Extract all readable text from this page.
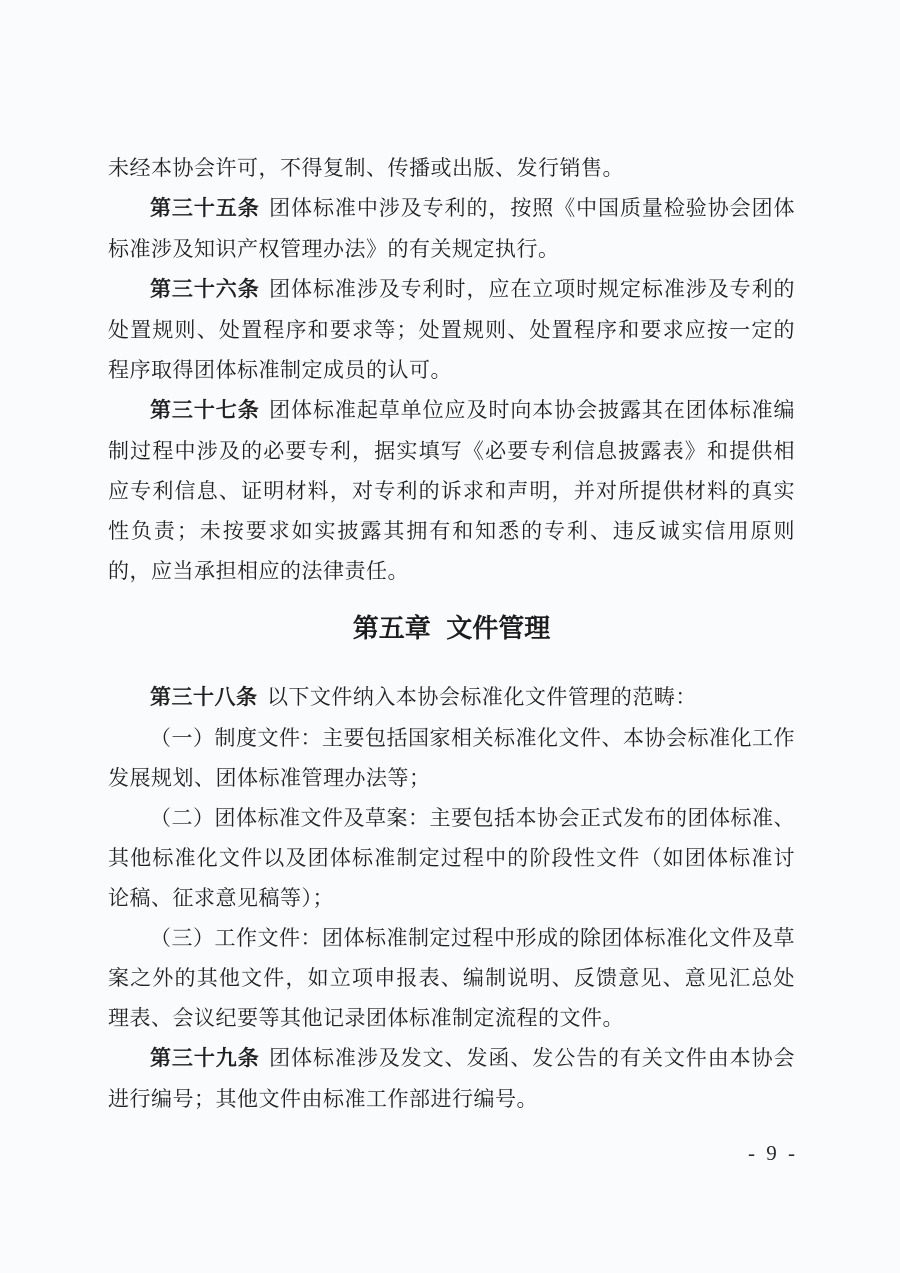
未经本协会许可，不得复制、传播或出版、发行销售。

第三十五条 团体标准中涉及专利的，按照《中国质量检验协会团体标准涉及知识产权管理办法》的有关规定执行。

第三十六条 团体标准涉及专利时，应在立项时规定标准涉及专利的处置规则、处置程序和要求等；处置规则、处置程序和要求应按一定的程序取得团体标准制定成员的认可。

第三十七条 团体标准起草单位应及时向本协会披露其在团体标准编制过程中涉及的必要专利，据实填写《必要专利信息披露表》和提供相应专利信息、证明材料，对专利的诉求和声明，并对所提供材料的真实性负责；未按要求如实披露其拥有和知悉的专利、违反诚实信用原则的，应当承担相应的法律责任。

第五章 文件管理

第三十八条 以下文件纳入本协会标准化文件管理的范畴：

（一）制度文件：主要包括国家相关标准化文件、本协会标准化工作发展规划、团体标准管理办法等；

（二）团体标准文件及草案：主要包括本协会正式发布的团体标准、其他标准化文件以及团体标准制定过程中的阶段性文件（如团体标准讨论稿、征求意见稿等）；

（三）工作文件：团体标准制定过程中形成的除团体标准化文件及草案之外的其他文件，如立项申报表、编制说明、反馈意见、意见汇总处理表、会议纪要等其他记录团体标准制定流程的文件。

第三十九条 团体标准涉及发文、发函、发公告的有关文件由本协会进行编号；其他文件由标准工作部进行编号。

- 9 -
